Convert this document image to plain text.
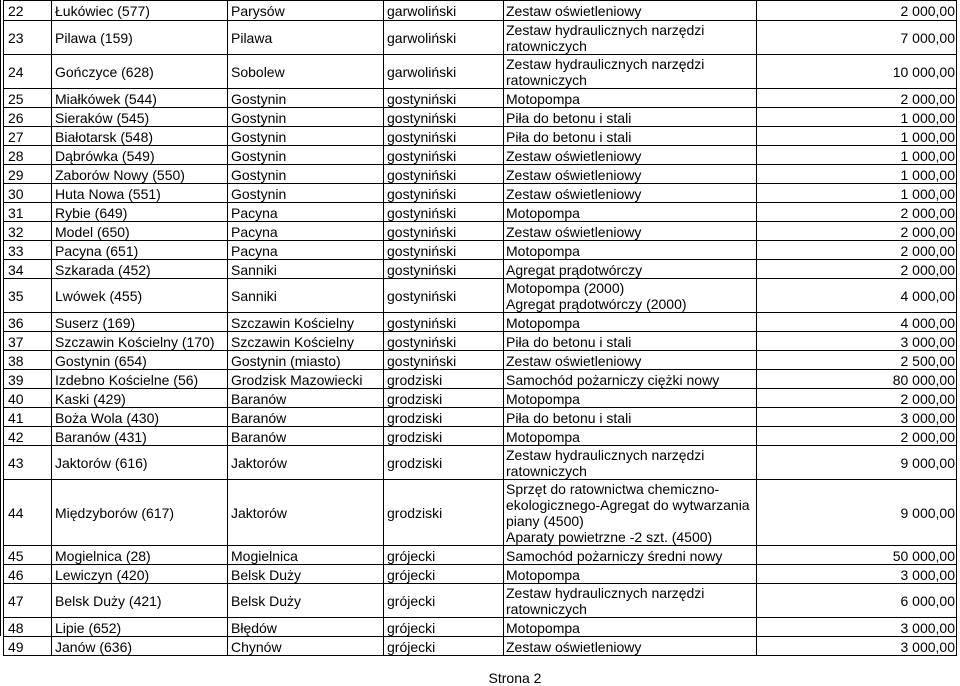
22	Łukówiec (577)	Parysów	garwoliński	Zestaw oświetleniowy	2 000,00
23	Pilawa (159)	Pilawa	garwoliński	Zestaw hydraulicznych narzędzi
ratowniczych	7 000,00
24	Gończyce (628)	Sobolew	garwoliński	Zestaw hydraulicznych narzędzi
ratowniczych	10 000,00
25	Miałkówek (544)	Gostynin	gostyniński	Motopompa	2 000,00
26	Sieraków (545)	Gostynin	gostyniński	Piła do betonu i stali	1 000,00
27	Białotarsk (548)	Gostynin	gostyniński	Piła do betonu i stali	1 000,00
28	Dąbrówka (549)	Gostynin	gostyniński	Zestaw oświetleniowy	1 000,00
29	Zaborów Nowy (550)	Gostynin	gostyniński	Zestaw oświetleniowy	1 000,00
30	Huta Nowa (551)	Gostynin	gostyniński	Zestaw oświetleniowy	1 000,00
31	Rybie (649)	Pacyna	gostyniński	Motopompa	2 000,00
32	Model (650)	Pacyna	gostyniński	Zestaw oświetleniowy	2 000,00
33	Pacyna (651)	Pacyna	gostyniński	Motopompa	2 000,00
34	Szkarada (452)	Sanniki	gostyniński	Agregat prądotwórczy	2 000,00
35	Lwówek (455)	Sanniki	gostyniński	Motopompa (2000)
Agregat prądotwórczy (2000)	4 000,00
36	Suserz (169)	Szczawin Kościelny	gostyniński	Motopompa	4 000,00
37	Szczawin Kościelny (170)	Szczawin Kościelny	gostyniński	Piła do betonu i stali	3 000,00
38	Gostynin (654)	Gostynin (miasto)	gostyniński	Zestaw oświetleniowy	2 500,00
39	Izdebno Kościelne (56)	Grodzisk Mazowiecki	grodziski	Samochód pożarniczy ciężki nowy	80 000,00
40	Kaski (429)	Baranów	grodziski	Motopompa	2 000,00
41	Boża Wola (430)	Baranów	grodziski	Piła do betonu i stali	3 000,00
42	Baranów (431)	Baranów	grodziski	Motopompa	2 000,00
43	Jaktorów (616)	Jaktorów	grodziski	Zestaw hydraulicznych narzędzi
ratowniczych	9 000,00
44	Międzyborów (617)	Jaktorów	grodziski	Sprzęt do ratownictwa chemiczno-
ekologicznego-Agregat do wytwarzania
piany (4500)
Aparaty powietrzne -2 szt. (4500)	9 000,00
45	Mogielnica (28)	Mogielnica	grójecki	Samochód pożarniczy średni nowy	50 000,00
46	Lewiczyn (420)	Belsk Duży	grójecki	Motopompa	3 000,00
47	Belsk Duży (421)	Belsk Duży	grójecki	Zestaw hydraulicznych narzędzi
ratowniczych	6 000,00
48	Lipie (652)	Błędów	grójecki	Motopompa	3 000,00
49	Janów (636)	Chynów	grójecki	Zestaw oświetleniowy	3 000,00
Strona 2
